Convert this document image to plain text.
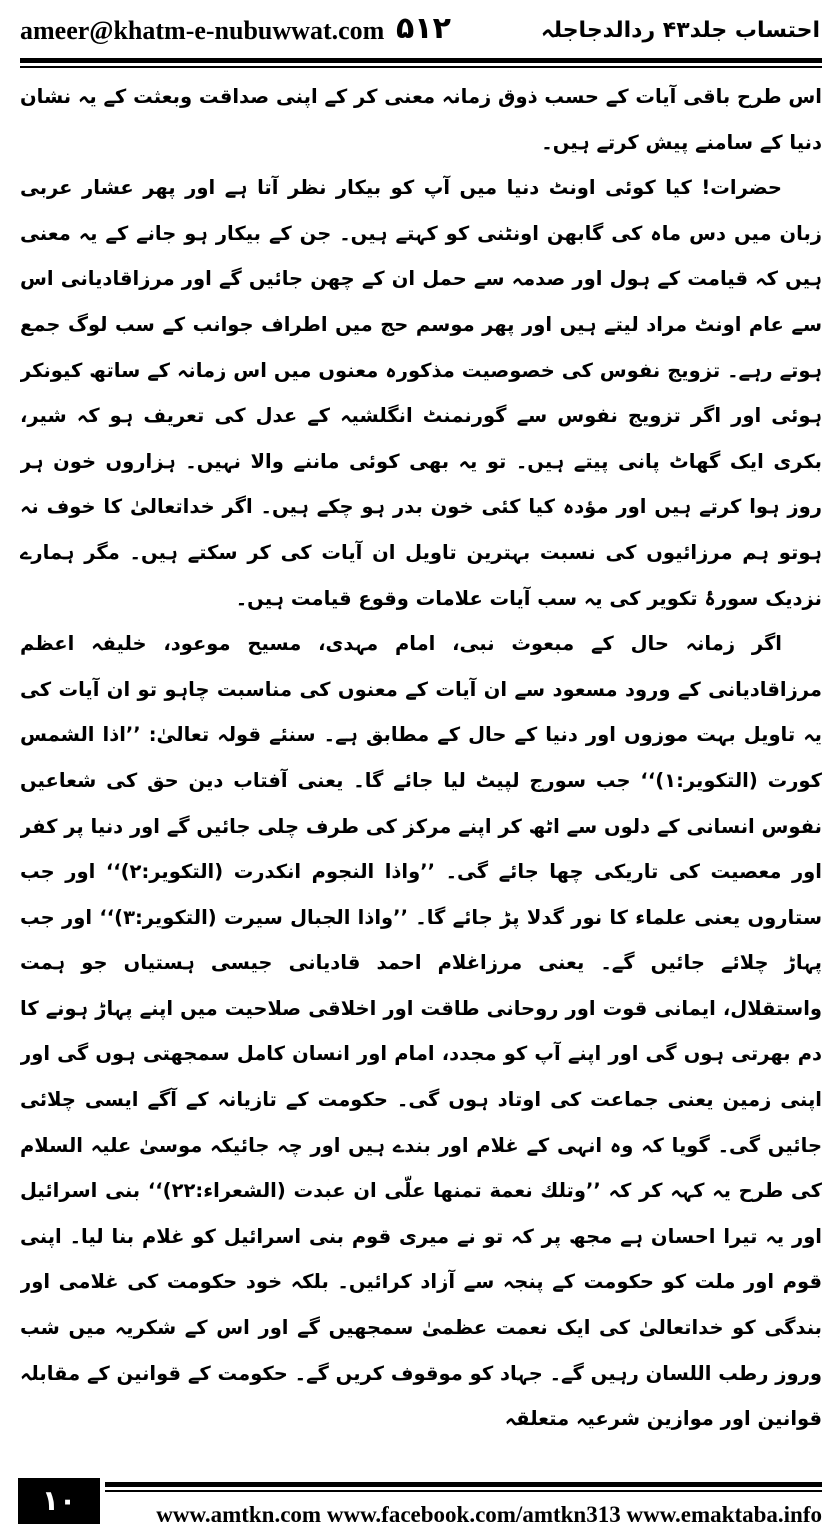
ameer@khatm-e-nubuwwat.com ۵۱۲	احتساب جلد۴۳ ردالدجاجلہ

اس طرح باقی آیات کے حسب ذوق زمانہ معنی کر کے اپنی صداقت وبعثت کے یہ نشان دنیا کے سامنے پیش کرتے ہیں۔

حضرات! کیا کوئی اونٹ دنیا میں آپ کو بیکار نظر آتا ہے اور پھر عشار عربی زبان میں دس ماہ کی گابھن اونٹنی کو کہتے ہیں۔ جن کے بیکار ہو جانے کے یہ معنی ہیں کہ قیامت کے ہول اور صدمہ سے حمل ان کے چھن جائیں گے اور مرزاقادیانی اس سے عام اونٹ مراد لیتے ہیں اور پھر موسم حج میں اطراف جوانب کے سب لوگ جمع ہوتے رہے۔ تزویج نفوس کی خصوصیت مذکورہ معنوں میں اس زمانہ کے ساتھ کیونکر ہوئی اور اگر تزویج نفوس سے گورنمنٹ انگلشیہ کے عدل کی تعریف ہو کہ شیر، بکری ایک گھاٹ پانی پیتے ہیں۔ تو یہ بھی کوئی ماننے والا نہیں۔ ہزاروں خون ہر روز ہوا کرتے ہیں اور مؤدہ کیا کئی خون بدر ہو چکے ہیں۔ اگر خداتعالیٰ کا خوف نہ ہوتو ہم مرزائیوں کی نسبت بہترین تاویل ان آیات کی کر سکتے ہیں۔ مگر ہمارے نزدیک سورۂ تکویر کی یہ سب آیات علامات وقوع قیامت ہیں۔

اگر زمانہ حال کے مبعوث نبی، امام مہدی، مسیح موعود، خلیفہ اعظم مرزاقادیانی کے ورود مسعود سے ان آیات کے معنوں کی مناسبت چاہو تو ان آیات کی یہ تاویل بہت موزوں اور دنیا کے حال کے مطابق ہے۔ سنئے قولہ تعالیٰ: ’’اذا الشمس کورت (التکویر:۱)‘‘ جب سورج لپیٹ لیا جائے گا۔ یعنی آفتاب دین حق کی شعاعیں نفوس انسانی کے دلوں سے اٹھ کر اپنے مرکز کی طرف چلی جائیں گے اور دنیا پر کفر اور معصیت کی تاریکی چھا جائے گی۔ ’’واذا النجوم انکدرت (التکویر:۲)‘‘ اور جب ستاروں یعنی علماء کا نور گدلا پڑ جائے گا۔ ’’واذا الجبال سیرت (التکویر:۳)‘‘ اور جب پہاڑ چلائے جائیں گے۔ یعنی مرزاغلام احمد قادیانی جیسی ہستیاں جو ہمت واستقلال، ایمانی قوت اور روحانی طاقت اور اخلاقی صلاحیت میں اپنے پہاڑ ہونے کا دم بھرتی ہوں گی اور اپنے آپ کو مجدد، امام اور انسان کامل سمجھتی ہوں گی اور اپنی زمین یعنی جماعت کی اوتاد ہوں گی۔ حکومت کے تازیانہ کے آگے ایسی چلائی جائیں گی۔ گویا کہ وہ انہی کے غلام اور بندے ہیں اور چہ جائیکہ موسیٰ علیہ السلام کی طرح یہ کہہ کر کہ ’’وتلك نعمة تمنها علّی ان عبدت (الشعراء:۲۲)‘‘ بنی اسرائیل اور یہ تیرا احسان ہے مجھ پر کہ تو نے میری قوم بنی اسرائیل کو غلام بنا لیا۔ اپنی قوم اور ملت کو حکومت کے پنجہ سے آزاد کرائیں۔ بلکہ خود حکومت کی غلامی اور بندگی کو خداتعالیٰ کی ایک نعمت عظمیٰ سمجھیں گے اور اس کے شکریہ میں شب وروز رطب اللسان رہیں گے۔ جہاد کو موقوف کریں گے۔ حکومت کے قوانین کے مقابلہ قوانین اور موازین شرعیہ متعلقہ

۱۰	www.amtkn.com www.facebook.com/amtkn313 www.emaktaba.info
